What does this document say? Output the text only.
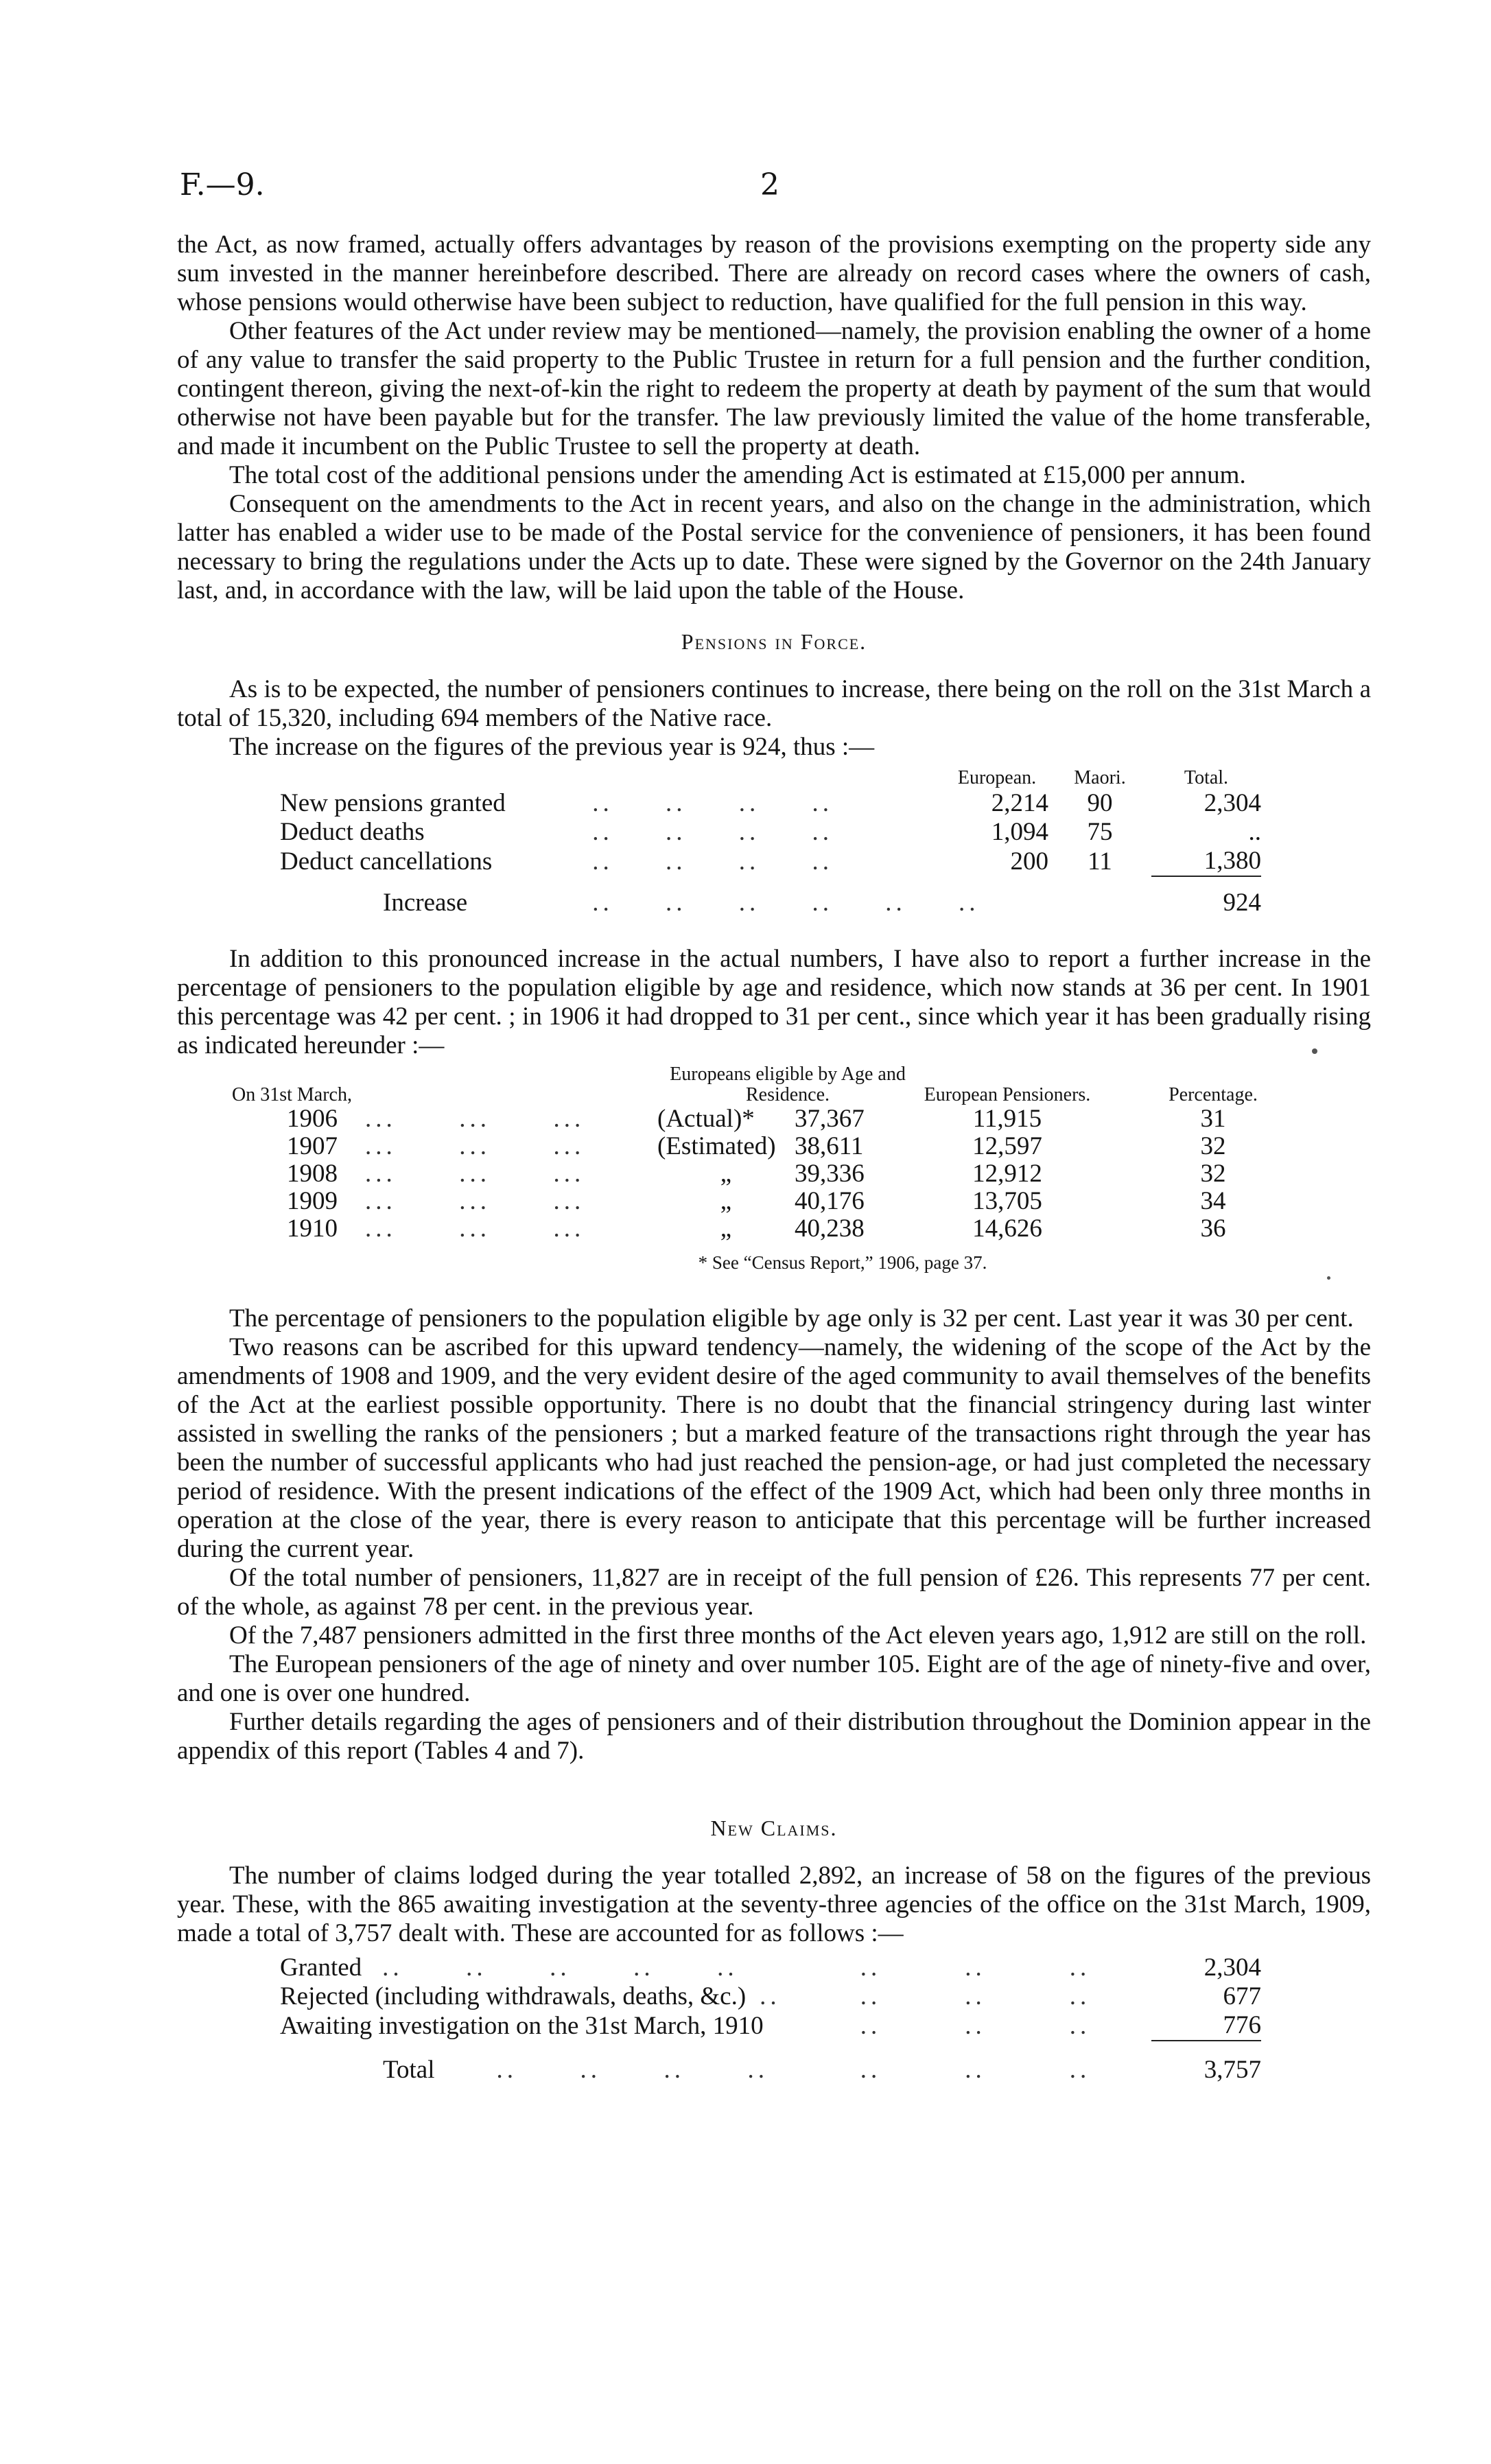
F.—9.	2

the Act, as now framed, actually offers advantages by reason of the provisions exempting on the property side any sum invested in the manner hereinbefore described. There are already on record cases where the owners of cash, whose pensions would otherwise have been subject to reduction, have qualified for the full pension in this way.

Other features of the Act under review may be mentioned—namely, the provision enabling the owner of a home of any value to transfer the said property to the Public Trustee in return for a full pension and the further condition, contingent thereon, giving the next-of-kin the right to redeem the property at death by payment of the sum that would otherwise not have been payable but for the transfer. The law previously limited the value of the home transferable, and made it incumbent on the Public Trustee to sell the property at death.

The total cost of the additional pensions under the amending Act is estimated at £15,000 per annum.

Consequent on the amendments to the Act in recent years, and also on the change in the administration, which latter has enabled a wider use to be made of the Postal service for the convenience of pensioners, it has been found necessary to bring the regulations under the Acts up to date. These were signed by the Governor on the 24th January last, and, in accordance with the law, will be laid upon the table of the House.

Pensions in Force.

As is to be expected, the number of pensioners continues to increase, there being on the roll on the 31st March a total of 15,320, including 694 members of the Native race.

The increase on the figures of the previous year is 924, thus :—

		European.	Maori.	Total.
New pensions granted	..     ..     ..     ..	2,214	90	2,304
Deduct deaths	..     ..     ..     ..	1,094	75	..
Deduct cancellations	..     ..     ..     ..	200	11	1,380

Increase	..     ..     ..     ..     ..     ..			924

In addition to this pronounced increase in the actual numbers, I have also to report a further increase in the percentage of pensioners to the population eligible by age and residence, which now stands at 36 per cent. In 1901 this percentage was 42 per cent. ; in 1906 it had dropped to 31 per cent., since which year it has been gradually rising as indicated hereunder :—

On 31st March,	Europeans eligible by Age and Residence.	European Pensioners.	Percentage.
1906 ...      ...      ...	(Actual)* 37,367	11,915	31
1907 ...      ...      ...	(Estimated) 38,611	12,597	32
1908 ...      ...      ...	„ 39,336	12,912	32
1909 ...      ...      ...	„ 40,176	13,705	34
1910 ...      ...      ...	„ 40,238	14,626	36
* See “Census Report,” 1906, page 37.

The percentage of pensioners to the population eligible by age only is 32 per cent. Last year it was 30 per cent.

Two reasons can be ascribed for this upward tendency—namely, the widening of the scope of the Act by the amendments of 1908 and 1909, and the very evident desire of the aged community to avail themselves of the benefits of the Act at the earliest possible opportunity. There is no doubt that the financial stringency during last winter assisted in swelling the ranks of the pensioners ; but a marked feature of the transactions right through the year has been the number of successful applicants who had just reached the pension-age, or had just completed the necessary period of residence. With the present indications of the effect of the 1909 Act, which had been only three months in operation at the close of the year, there is every reason to anticipate that this percentage will be further increased during the current year.

Of the total number of pensioners, 11,827 are in receipt of the full pension of £26. This represents 77 per cent. of the whole, as against 78 per cent. in the previous year.

Of the 7,487 pensioners admitted in the first three months of the Act eleven years ago, 1,912 are still on the roll.

The European pensioners of the age of ninety and over number 105. Eight are of the age of ninety-five and over, and one is over one hundred.

Further details regarding the ages of pensioners and of their distribution throughout the Dominion appear in the appendix of this report (Tables 4 and 7).

New Claims.

The number of claims lodged during the year totalled 2,892, an increase of 58 on the figures of the previous year. These, with the 865 awaiting investigation at the seventy-three agencies of the office on the 31st March, 1909, made a total of 3,757 dealt with. These are accounted for as follows :—

Granted ..      ..      ..      ..      ..	..        ..        ..	2,304
Rejected (including withdrawals, deaths, &c.) ..	..        ..        ..	677
Awaiting investigation on the 31st March, 1910	..        ..        ..	776

Total ..      ..      ..      ..	..        ..        ..	3,757
